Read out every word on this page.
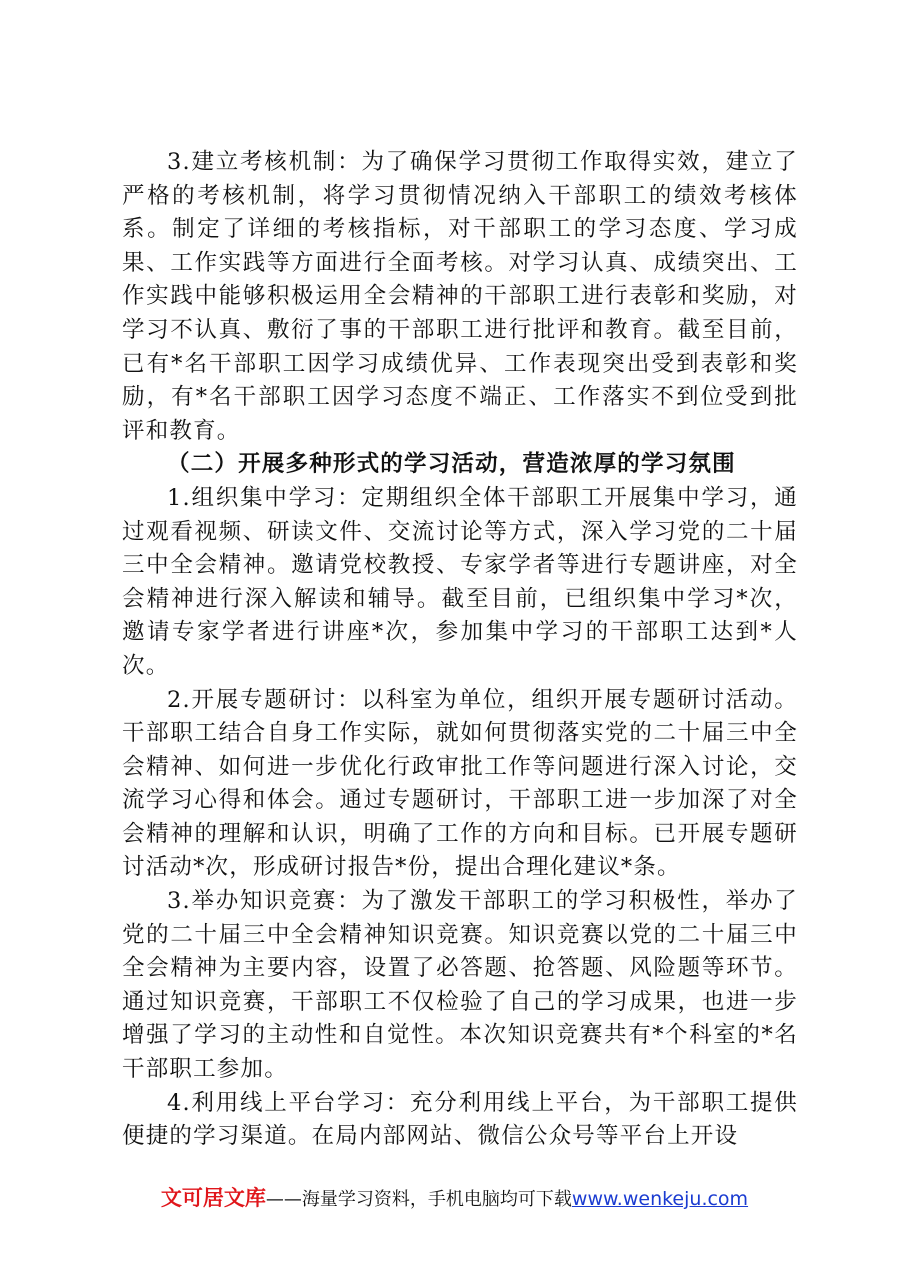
3.建立考核机制：为了确保学习贯彻工作取得实效，建立了严格的考核机制，将学习贯彻情况纳入干部职工的绩效考核体系。制定了详细的考核指标，对干部职工的学习态度、学习成果、工作实践等方面进行全面考核。对学习认真、成绩突出、工作实践中能够积极运用全会精神的干部职工进行表彰和奖励，对学习不认真、敷衍了事的干部职工进行批评和教育。截至目前，已有*名干部职工因学习成绩优异、工作表现突出受到表彰和奖励，有*名干部职工因学习态度不端正、工作落实不到位受到批评和教育。

（二）开展多种形式的学习活动，营造浓厚的学习氛围

1.组织集中学习：定期组织全体干部职工开展集中学习，通过观看视频、研读文件、交流讨论等方式，深入学习党的二十届三中全会精神。邀请党校教授、专家学者等进行专题讲座，对全会精神进行深入解读和辅导。截至目前，已组织集中学习*次，邀请专家学者进行讲座*次，参加集中学习的干部职工达到*人次。

2.开展专题研讨：以科室为单位，组织开展专题研讨活动。干部职工结合自身工作实际，就如何贯彻落实党的二十届三中全会精神、如何进一步优化行政审批工作等问题进行深入讨论，交流学习心得和体会。通过专题研讨，干部职工进一步加深了对全会精神的理解和认识，明确了工作的方向和目标。已开展专题研讨活动*次，形成研讨报告*份，提出合理化建议*条。

3.举办知识竞赛：为了激发干部职工的学习积极性，举办了党的二十届三中全会精神知识竞赛。知识竞赛以党的二十届三中全会精神为主要内容，设置了必答题、抢答题、风险题等环节。通过知识竞赛，干部职工不仅检验了自己的学习成果，也进一步增强了学习的主动性和自觉性。本次知识竞赛共有*个科室的*名干部职工参加。

4.利用线上平台学习：充分利用线上平台，为干部职工提供便捷的学习渠道。在局内部网站、微信公众号等平台上开设

文可居文库——海量学习资料，手机电脑均可下载www.wenkeju.com
